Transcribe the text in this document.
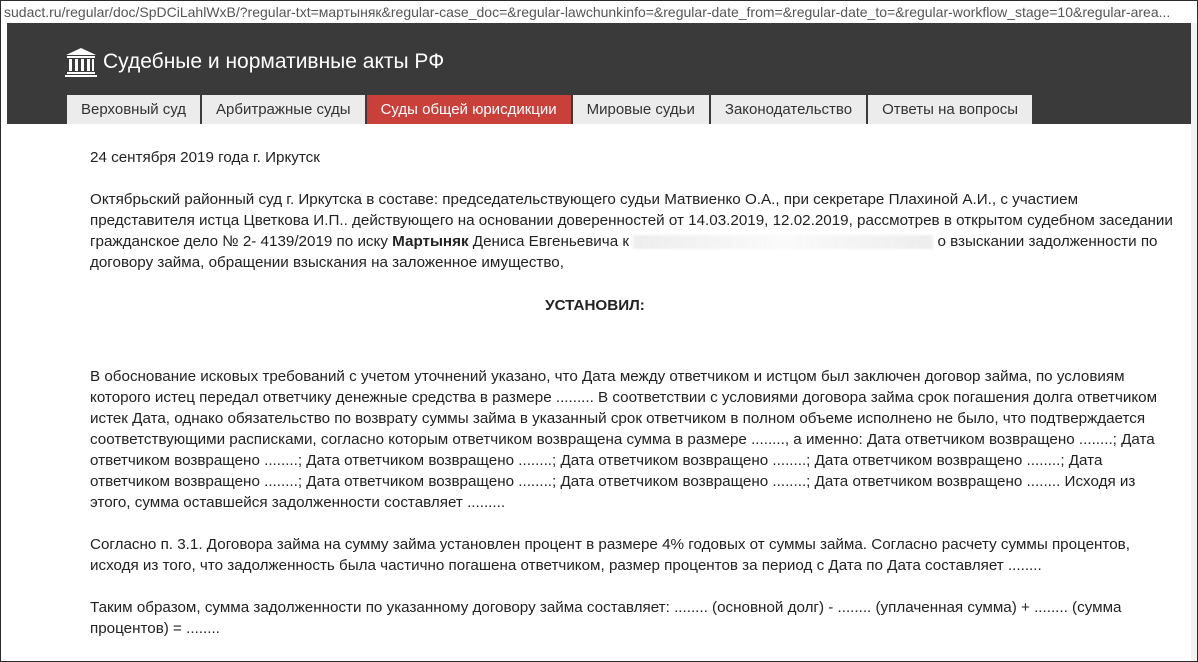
sudact.ru/regular/doc/SpDCiLahlWxB/?regular-txt=мартыняк&regular-case_doc=&regular-lawchunkinfo=&regular-date_from=&regular-date_to=&regular-workflow_stage=10&regular-area...
Судебные и нормативные акты РФ
Верховный суд	Арбитражные суды	Суды общей юрисдикции	Мировые судьи	Законодательство	Ответы на вопросы

24 сентября 2019 года г. Иркутск

Октябрьский районный суд г. Иркутска в составе: председательствующего судьи Матвиенко О.А., при секретаре Плахиной А.И., с участием представителя истца Цветкова И.П.. действующего на основании доверенностей от 14.03.2019, 12.02.2019, рассмотрев в открытом судебном заседании гражданское дело № 2- 4139/2019 по иску Мартыняк Дениса Евгеньевича к	о взыскании задолженности по договору займа, обращении взыскания на заложенное имущество,

УСТАНОВИЛ:

В обоснование исковых требований с учетом уточнений указано, что Дата между ответчиком и истцом был заключен договор займа, по условиям которого истец передал ответчику денежные средства в размере ......... В соответствии с условиями договора займа срок погашения долга ответчиком истек Дата, однако обязательство по возврату суммы займа в указанный срок ответчиком в полном объеме исполнено не было, что подтверждается соответствующими расписками, согласно которым ответчиком возвращена сумма в размере ........, а именно: Дата ответчиком возвращено ........; Дата ответчиком возвращено ........; Дата ответчиком возвращено ........; Дата ответчиком возвращено ........; Дата ответчиком возвращено ........; Дата ответчиком возвращено ........; Дата ответчиком возвращено ........; Дата ответчиком возвращено ........; Дата ответчиком возвращено ........ Исходя из этого, сумма оставшейся задолженности составляет .........

Согласно п. 3.1. Договора займа на сумму займа установлен процент в размере 4% годовых от суммы займа. Согласно расчету суммы процентов, исходя из того, что задолженность была частично погашена ответчиком, размер процентов за период с Дата по Дата составляет ........

Таким образом, сумма задолженности по указанному договору займа составляет: ........ (основной долг) - ........ (уплаченная сумма) + ........ (сумма процентов) = ........
